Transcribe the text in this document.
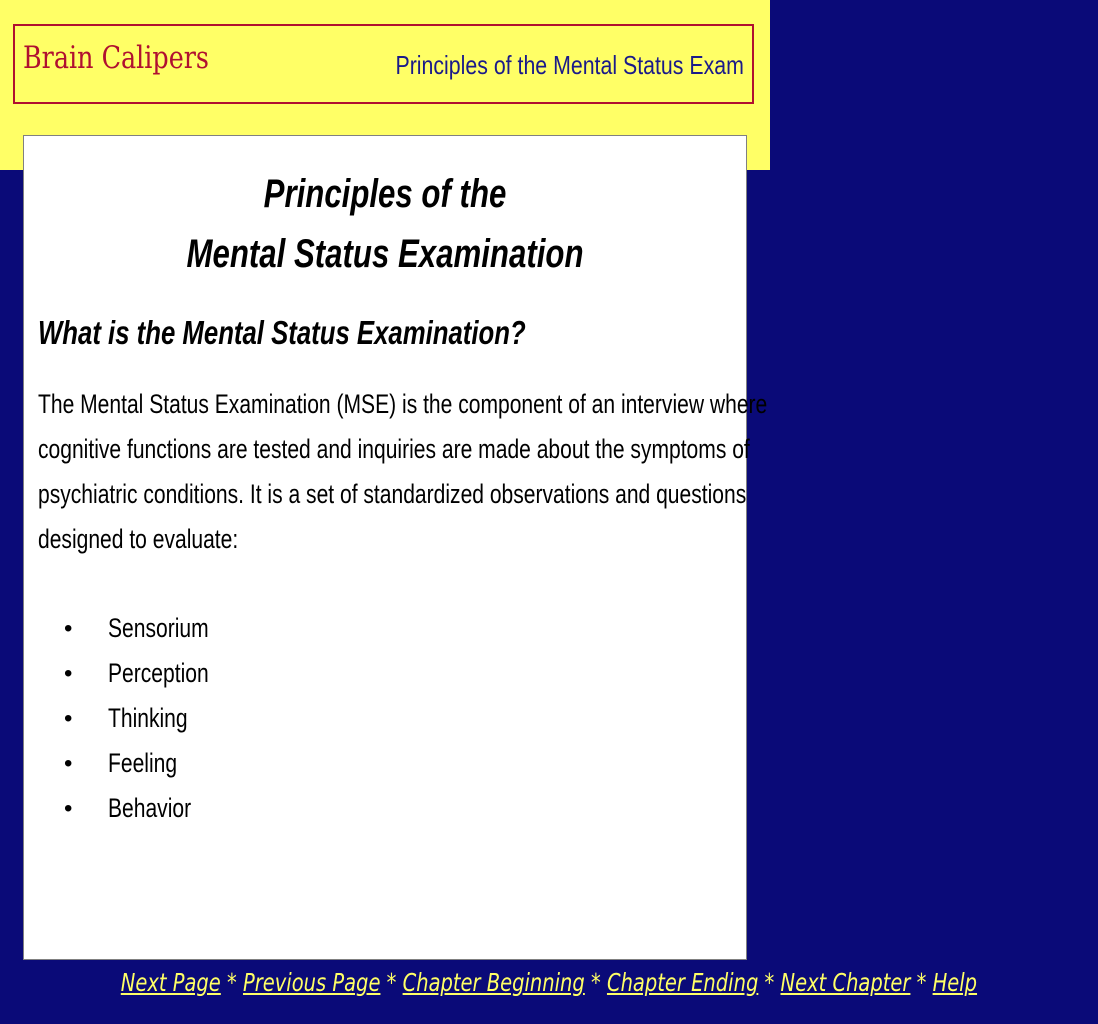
Brain Calipers	Principles of the Mental Status Exam
Principles of the
Mental Status Examination
What is the Mental Status Examination?
The Mental Status Examination (MSE) is the component of an interview where
cognitive functions are tested and inquiries are made about the symptoms of
psychiatric conditions. It is a set of standardized observations and questions
designed to evaluate:
•	Sensorium
•	Perception
•	Thinking
•	Feeling
•	Behavior
Next Page * Previous Page * Chapter Beginning * Chapter Ending * Next Chapter * Help
